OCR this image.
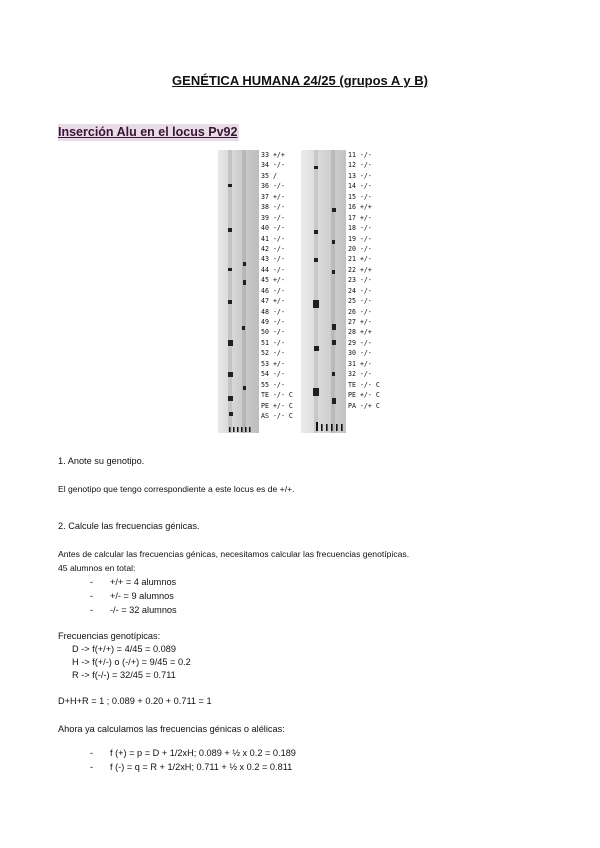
GENÉTICA HUMANA 24/25 (grupos A y B)
Inserción Alu en el locus Pv92
33 +/+
34 -/-
35 /
36 -/-
37 +/-
38 -/-
39 -/-
40 -/-
41 -/-
42 -/-
43 -/-
44 -/-
45 +/-
46 -/-
47 +/-
48 -/-
49 -/-
50 -/-
51 -/-
52 -/-
53 +/-
54 -/-
55 -/-
TE -/- C
PE +/- C
AS -/- C
11 -/-
12 -/-
13 -/-
14 -/-
15 -/-
16 +/+
17 +/-
18 -/-
19 -/-
20 -/-
21 +/-
22 +/+
23 -/-
24 -/-
25 -/-
26 -/-
27 +/-
28 +/+
29 -/-
30 -/-
31 +/-
32 -/-
TE -/- C
PE +/- C
PA -/+ C
1. Anote su genotipo.
El genotipo que tengo correspondiente a este locus es de +/+.
2. Calcule las frecuencias génicas.
Antes de calcular las frecuencias génicas, necesitamos calcular las frecuencias genotípicas.
45 alumnos en total:
- +/+ = 4 alumnos
- +/- = 9 alumnos
- -/- = 32 alumnos
Frecuencias genotípicas:
D -> f(+/+) = 4/45 = 0.089
H -> f(+/-) o (-/+) = 9/45 = 0.2
R -> f(-/-) = 32/45 = 0.711
D+H+R = 1 ; 0.089 + 0.20 + 0.711 = 1
Ahora ya calculamos las frecuencias génicas o alélicas:
- f (+) = p = D + 1/2xH; 0.089 + ½ x 0.2 = 0.189
- f (-) = q = R + 1/2xH; 0.711 + ½ x 0.2 = 0.811
